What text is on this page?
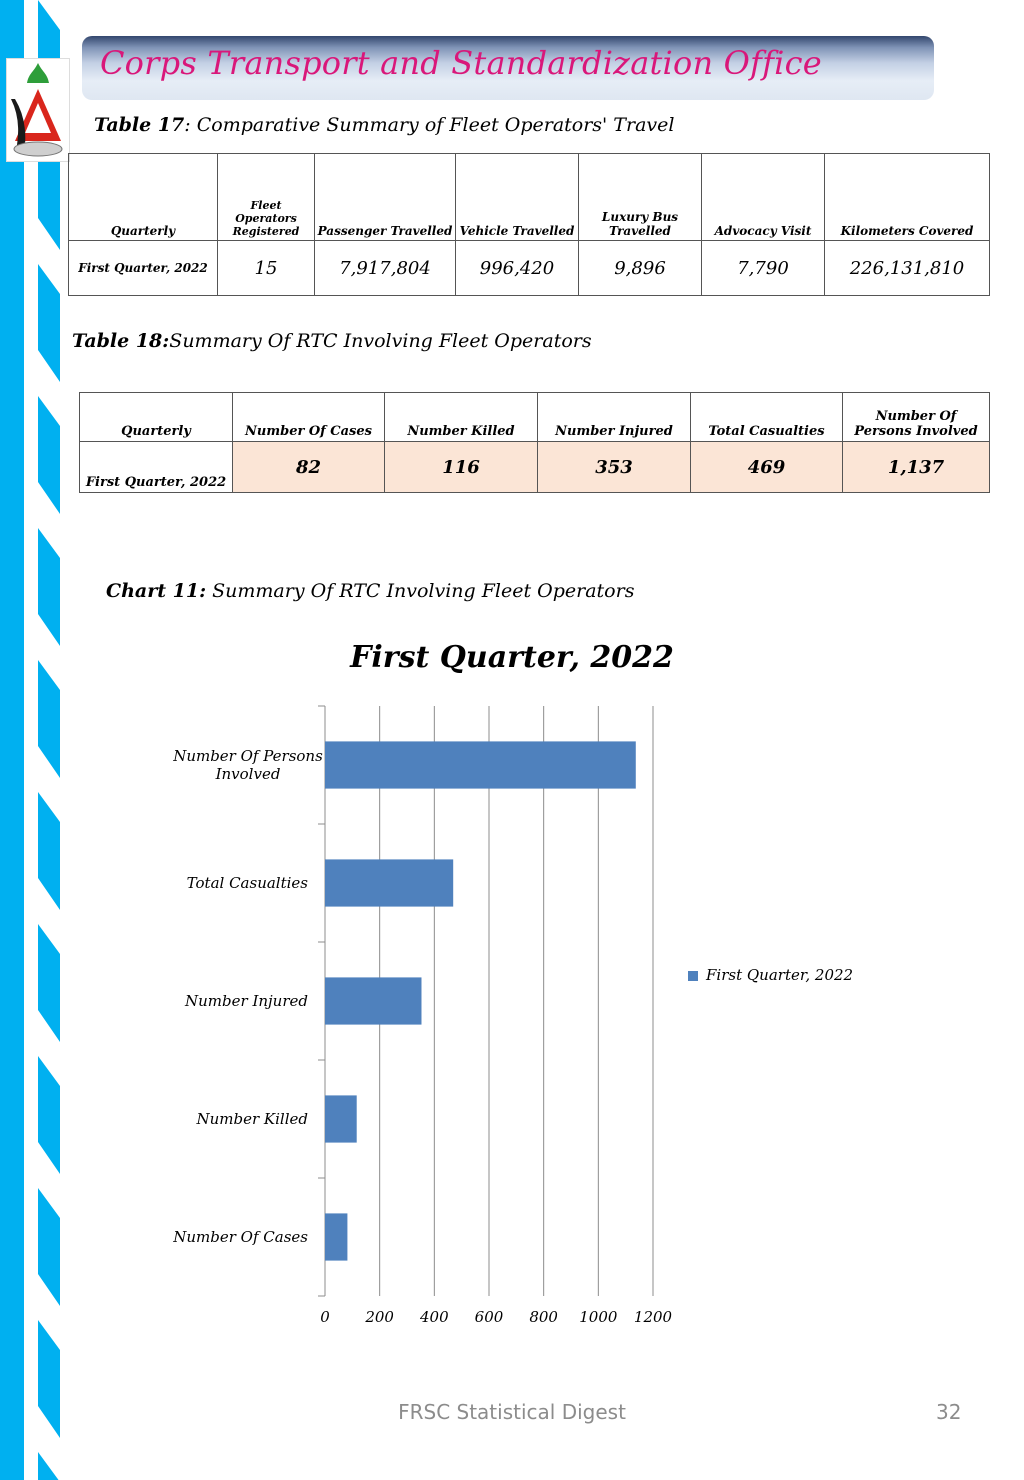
Corps Transport and Standardization Office
Table 17: Comparative Summary of Fleet Operators' Travel
Quarterly	Fleet Operators Registered	Passenger Travelled	Vehicle Travelled	Luxury Bus Travelled	Advocacy Visit	Kilometers Covered
First Quarter, 2022	15	7,917,804	996,420	9,896	7,790	226,131,810
Table 18:Summary Of RTC Involving Fleet Operators
Quarterly	Number Of Cases	Number Killed	Number Injured	Total Casualties	Number Of Persons Involved
First Quarter, 2022	82	116	353	469	1,137
Chart 11: Summary Of RTC Involving Fleet Operators
First Quarter, 2022
0 200 400 600 800 1000 1200
Number Of Cases
Number Killed
Number Injured
Total Casualties
Number Of Persons
Involved
First Quarter, 2022
FRSC Statistical Digest	32
